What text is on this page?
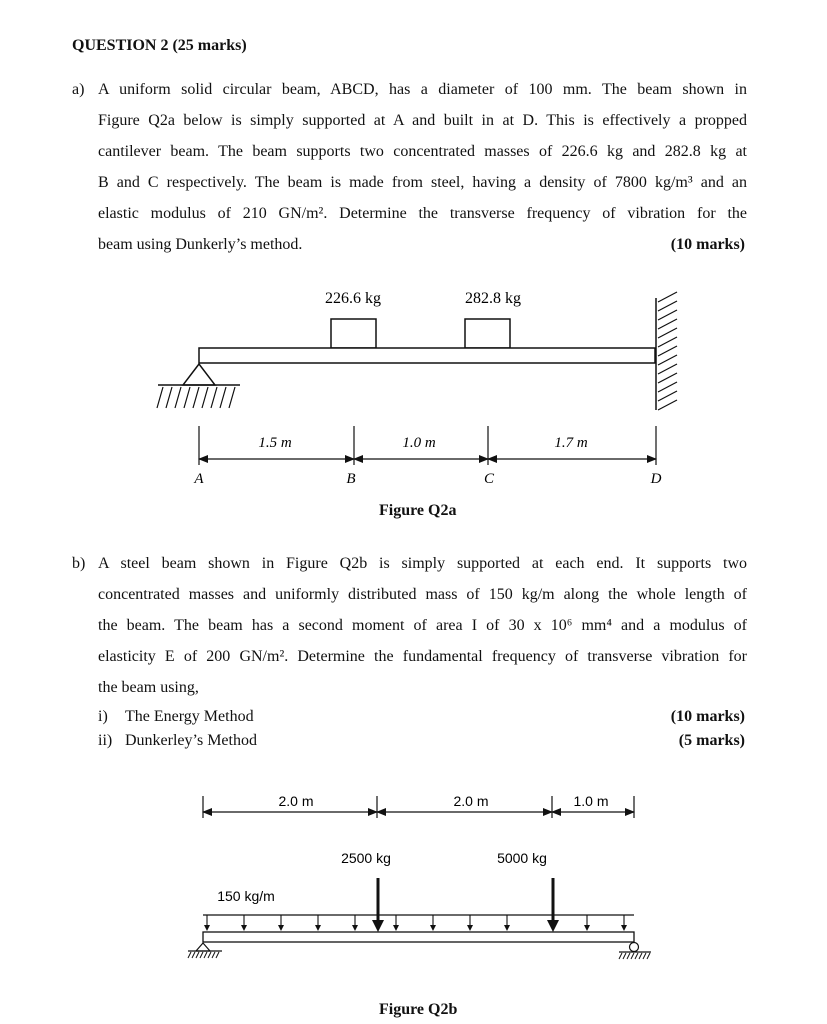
QUESTION 2 (25 marks)
a) A uniform solid circular beam, ABCD, has a diameter of 100 mm. The beam shown in
Figure Q2a below is simply supported at A and built in at D. This is effectively a propped
cantilever beam. The beam supports two concentrated masses of 226.6 kg and 282.8 kg at
B and C respectively. The beam is made from steel, having a density of 7800 kg/m³ and an
elastic modulus of 210 GN/m². Determine the transverse frequency of vibration for the
beam using Dunkerly’s method.	(10 marks)
226.6 kg	282.8 kg
1.5 m	1.0 m	1.7 m
A	B	C	D
Figure Q2a
b) A steel beam shown in Figure Q2b is simply supported at each end. It supports two
concentrated masses and uniformly distributed mass of 150 kg/m along the whole length of
the beam. The beam has a second moment of area I of 30 x 10⁶ mm⁴ and a modulus of
elasticity E of 200 GN/m². Determine the fundamental frequency of transverse vibration for
the beam using,
i) The Energy Method	(10 marks)
ii) Dunkerley’s Method	(5 marks)
2.0 m	2.0 m	1.0 m
2500 kg	5000 kg
150 kg/m
Figure Q2b
